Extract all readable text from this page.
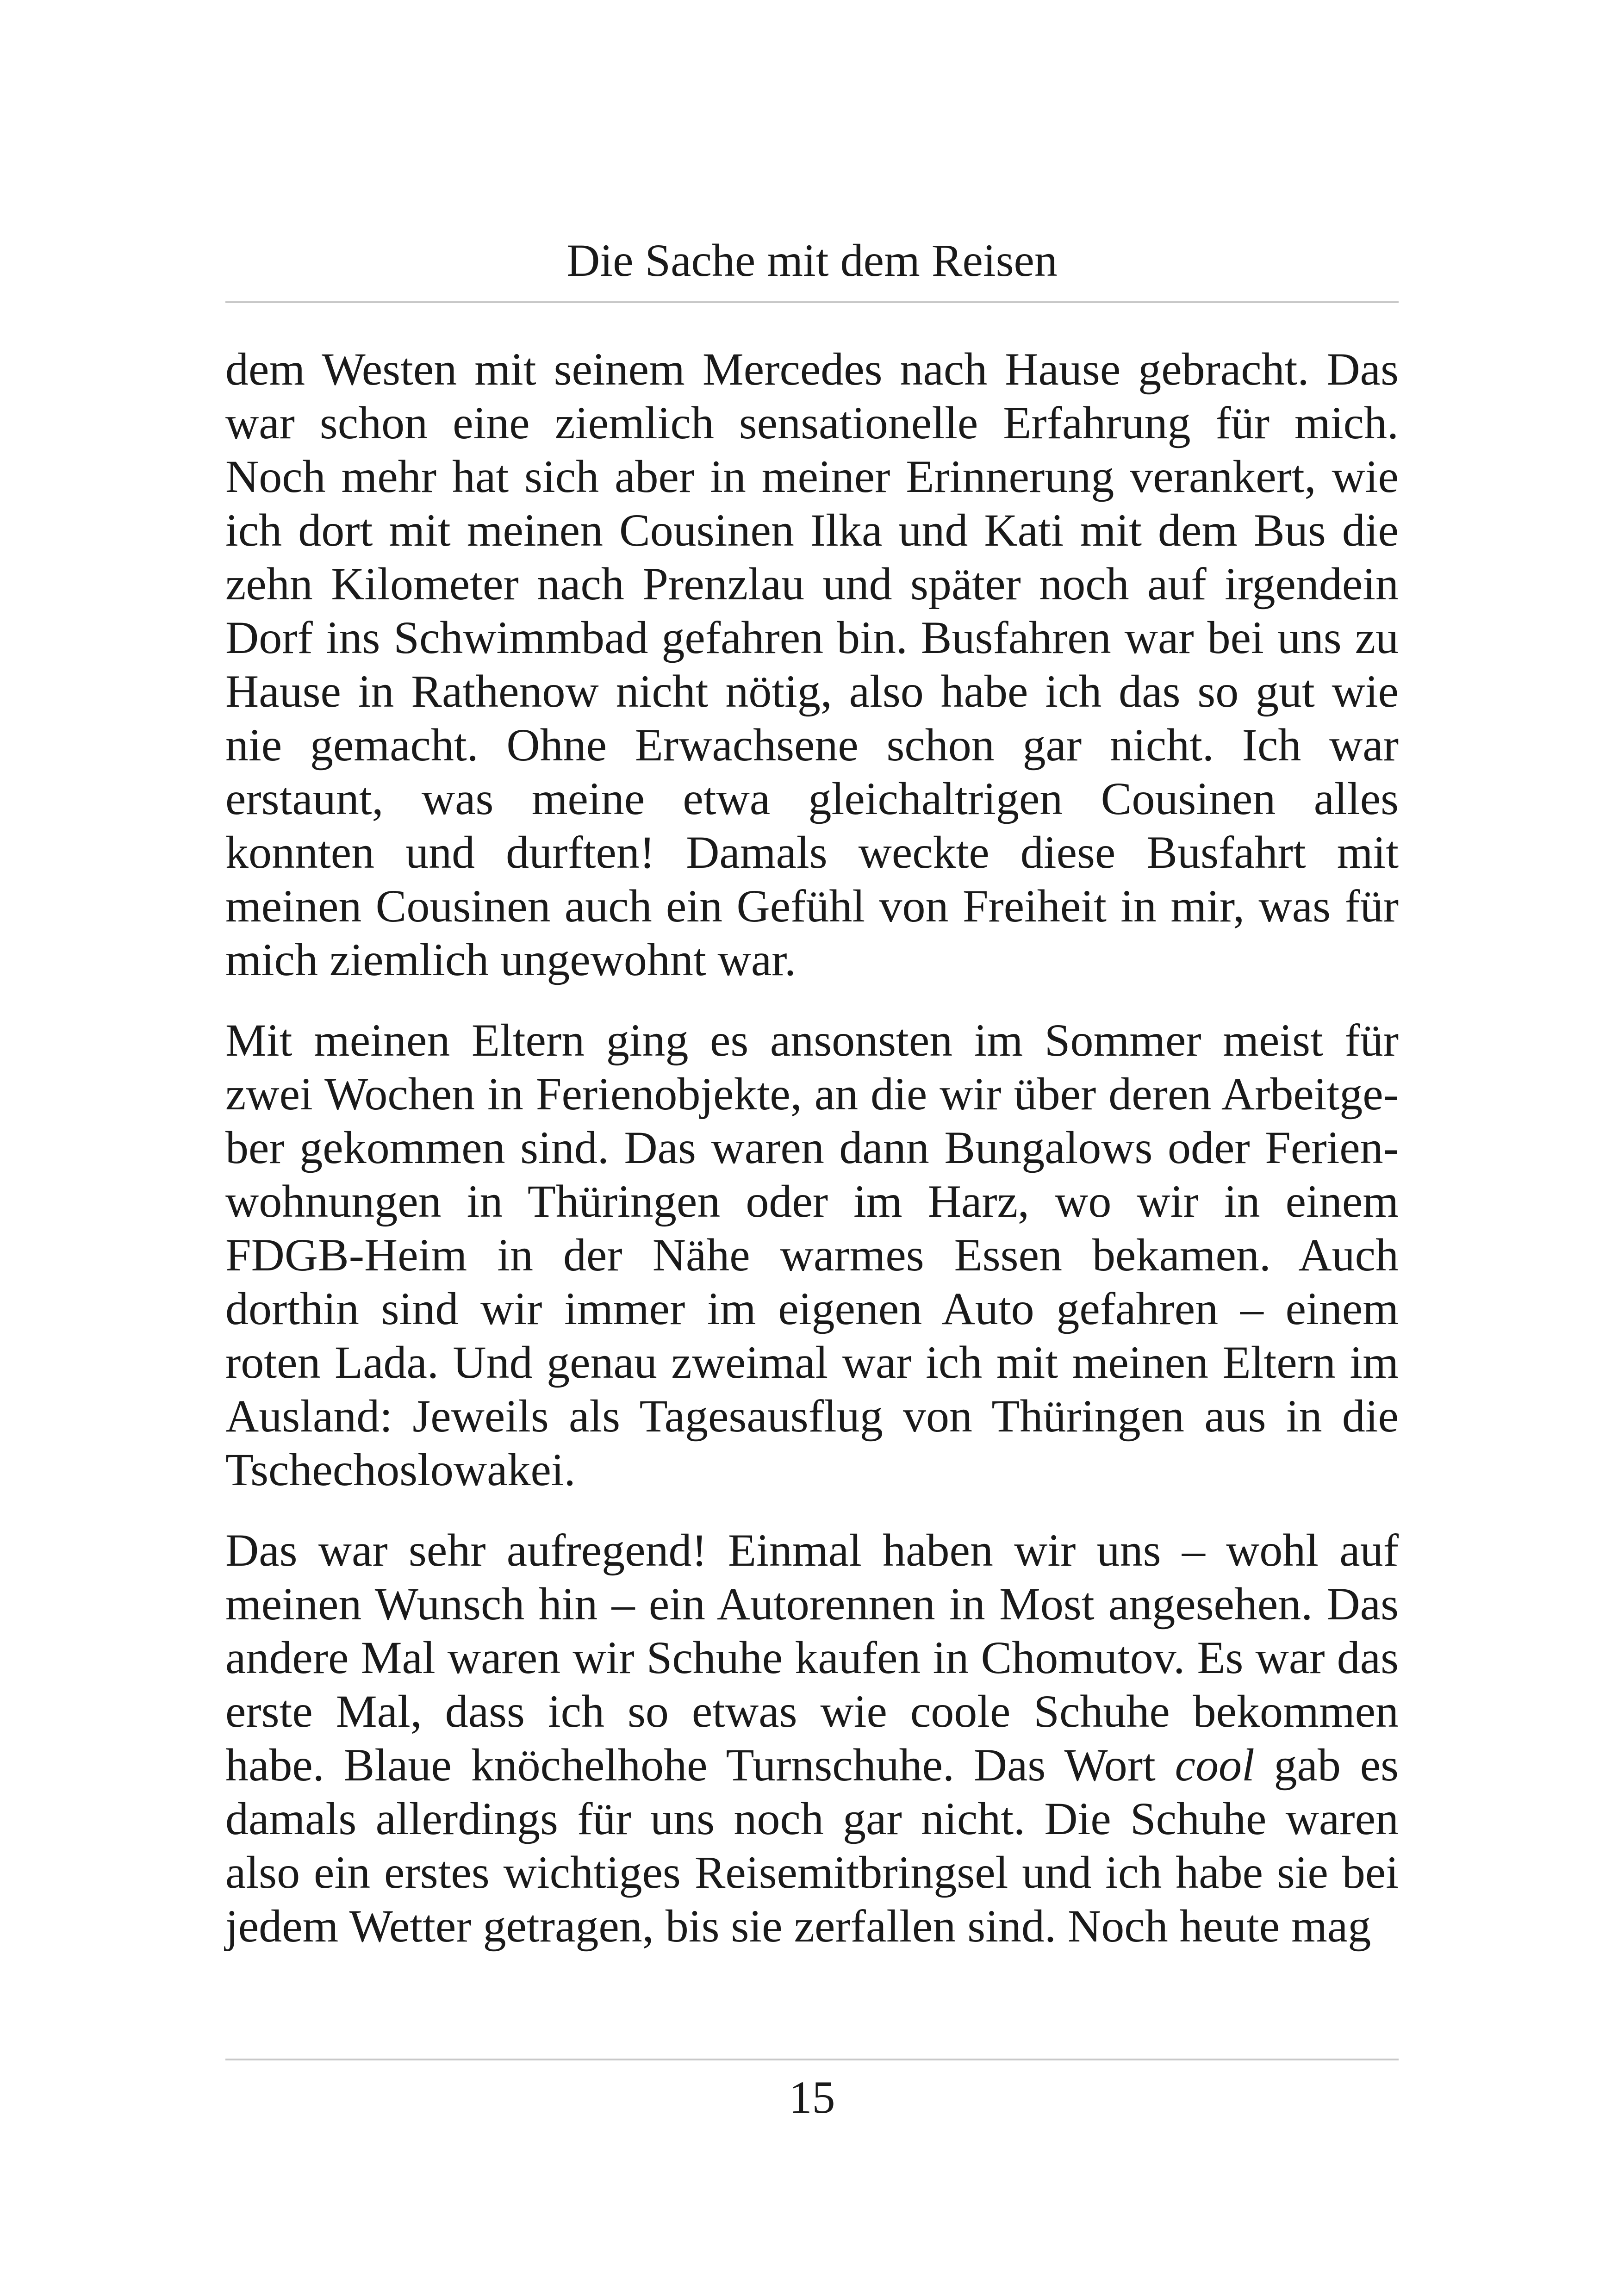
Die Sache mit dem Reisen

dem Westen mit seinem Mercedes nach Hause gebracht. Das war schon eine ziemlich sensationelle Erfahrung für mich. Noch mehr hat sich aber in meiner Erinnerung verankert, wie ich dort mit meinen Cousinen Ilka und Kati mit dem Bus die zehn Kilometer nach Prenzlau und später noch auf irgendein Dorf ins Schwimmbad gefahren bin. Busfahren war bei uns zu Hause in Rathenow nicht nötig, also habe ich das so gut wie nie gemacht. Ohne Erwachsene schon gar nicht. Ich war erstaunt, was meine etwa gleichaltrigen Cousinen alles konnten und durften! Damals weckte diese Busfahrt mit meinen Cousinen auch ein Gefühl von Freiheit in mir, was für mich ziemlich ungewohnt war.

Mit meinen Eltern ging es ansonsten im Sommer meist für zwei Wochen in Ferienobjekte, an die wir über deren Arbeitgeber gekommen sind. Das waren dann Bungalows oder Ferienwohnungen in Thüringen oder im Harz, wo wir in einem FDGB-Heim in der Nähe warmes Essen bekamen. Auch dorthin sind wir immer im eigenen Auto gefahren – einem roten Lada. Und genau zweimal war ich mit meinen Eltern im Ausland: Jeweils als Tagesausflug von Thüringen aus in die Tschechoslowakei.

Das war sehr aufregend! Einmal haben wir uns – wohl auf meinen Wunsch hin – ein Autorennen in Most angesehen. Das andere Mal waren wir Schuhe kaufen in Chomutov. Es war das erste Mal, dass ich so etwas wie coole Schuhe bekommen habe. Blaue knöchelhohe Turnschuhe. Das Wort cool gab es damals allerdings für uns noch gar nicht. Die Schuhe waren also ein erstes wichtiges Reisemitbringsel und ich habe sie bei jedem Wetter getragen, bis sie zerfallen sind. Noch heute mag

15
